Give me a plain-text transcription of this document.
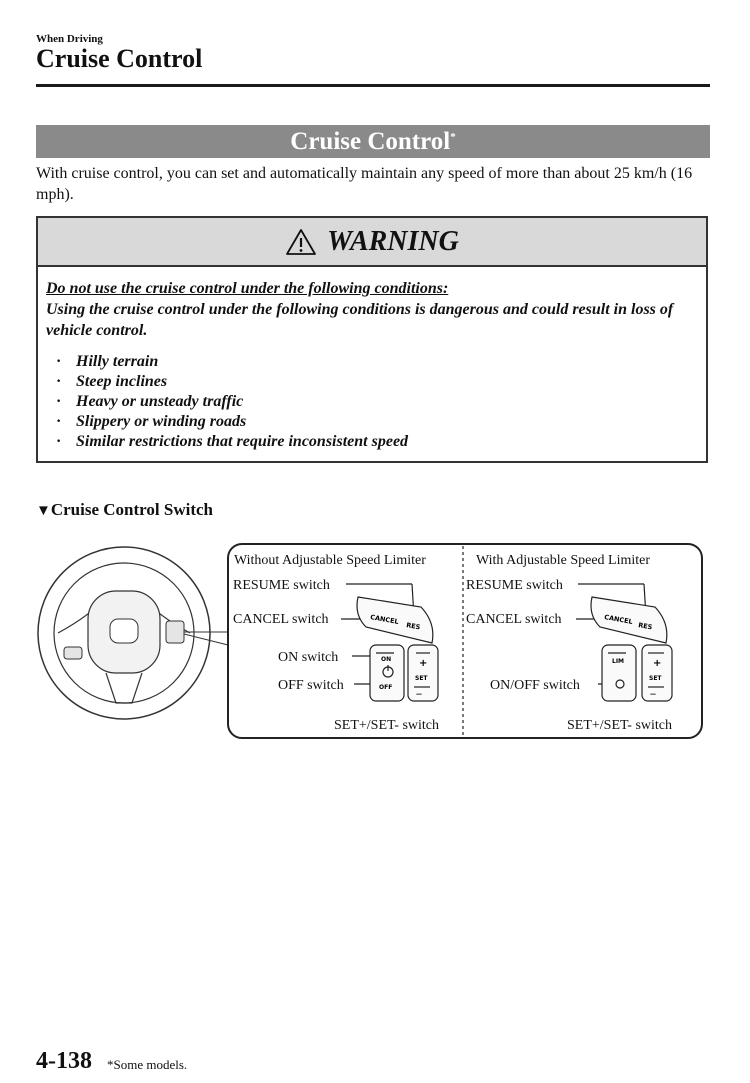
When Driving
Cruise Control
Cruise Control*
With cruise control, you can set and automatically maintain any speed of more than about 25 km/h (16 mph).
WARNING
Do not use the cruise control under the following conditions:
Using the cruise control under the following conditions is dangerous and could result in loss of vehicle control.
· Hilly terrain
· Steep inclines
· Heavy or unsteady traffic
· Slippery or winding roads
· Similar restrictions that require inconsistent speed
▼Cruise Control Switch
Without Adjustable Speed Limiter
RESUME switch
CANCEL switch
ON switch
OFF switch
SET+/SET- switch
CANCEL
RES
ON
OFF
+
SET
—
With Adjustable Speed Limiter
RESUME switch
CANCEL switch
ON/OFF switch
SET+/SET- switch
CANCEL
RES
LIM	+
SET
—
4-138 *Some models.
